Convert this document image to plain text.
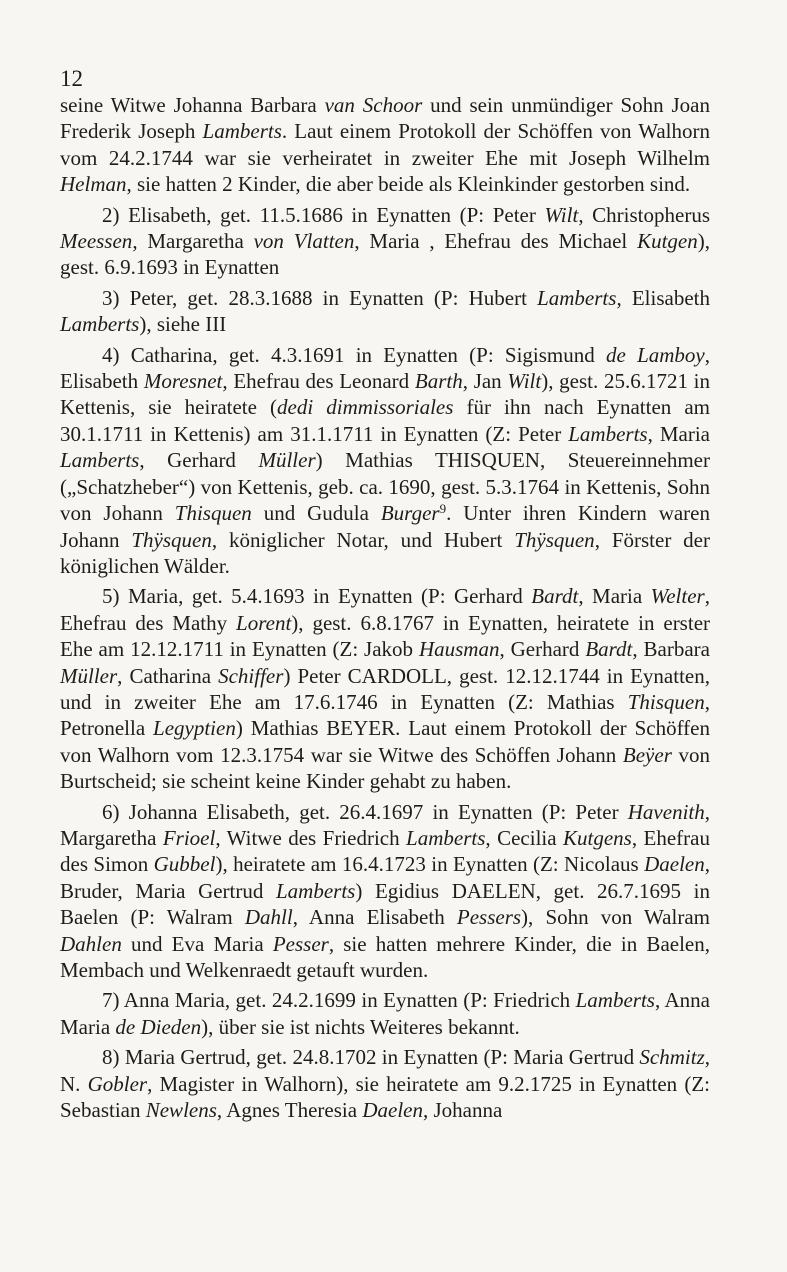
12

seine Witwe Johanna Barbara van Schoor und sein unmündiger Sohn Joan Frederik Joseph Lamberts. Laut einem Protokoll der Schöffen von Walhorn vom 24.2.1744 war sie verheiratet in zweiter Ehe mit Joseph Wilhelm Helman, sie hatten 2 Kinder, die aber beide als Kleinkinder gestorben sind.

2) Elisabeth, get. 11.5.1686 in Eynatten (P: Peter Wilt, Christopherus Meessen, Margaretha von Vlatten, Maria , Ehefrau des Michael Kutgen), gest. 6.9.1693 in Eynatten

3) Peter, get. 28.3.1688 in Eynatten (P: Hubert Lamberts, Elisabeth Lamberts), siehe III

4) Catharina, get. 4.3.1691 in Eynatten (P: Sigismund de Lamboy, Elisabeth Moresnet, Ehefrau des Leonard Barth, Jan Wilt), gest. 25.6.1721 in Kettenis, sie heiratete (dedi dimmissoriales für ihn nach Eynatten am 30.1.1711 in Kettenis) am 31.1.1711 in Eynatten (Z: Peter Lamberts, Maria Lamberts, Gerhard Müller) Mathias THISQUEN, Steuereinnehmer („Schatzheber“) von Kettenis, geb. ca. 1690, gest. 5.3.1764 in Kettenis, Sohn von Johann Thisquen und Gudula Burger$^9$. Unter ihren Kindern waren Johann Thÿsquen, königlicher Notar, und Hubert Thÿsquen, Förster der königlichen Wälder.

5) Maria, get. 5.4.1693 in Eynatten (P: Gerhard Bardt, Maria Welter, Ehefrau des Mathy Lorent), gest. 6.8.1767 in Eynatten, heiratete in erster Ehe am 12.12.1711 in Eynatten (Z: Jakob Hausman, Gerhard Bardt, Barbara Müller, Catharina Schiffer) Peter CARDOLL, gest. 12.12.1744 in Eynatten, und in zweiter Ehe am 17.6.1746 in Eynatten (Z: Mathias Thisquen, Petronella Legyptien) Mathias BEYER. Laut einem Protokoll der Schöffen von Walhorn vom 12.3.1754 war sie Witwe des Schöffen Johann Beÿer von Burtscheid; sie scheint keine Kinder gehabt zu haben.

6) Johanna Elisabeth, get. 26.4.1697 in Eynatten (P: Peter Havenith, Margaretha Frioel, Witwe des Friedrich Lamberts, Cecilia Kutgens, Ehefrau des Simon Gubbel), heiratete am 16.4.1723 in Eynatten (Z: Nicolaus Daelen, Bruder, Maria Gertrud Lamberts) Egidius DAELEN, get. 26.7.1695 in Baelen (P: Walram Dahll, Anna Elisabeth Pessers), Sohn von Walram Dahlen und Eva Maria Pesser, sie hatten mehrere Kinder, die in Baelen, Membach und Welkenraedt getauft wurden.

7) Anna Maria, get. 24.2.1699 in Eynatten (P: Friedrich Lamberts, Anna Maria de Dieden), über sie ist nichts Weiteres bekannt.

8) Maria Gertrud, get. 24.8.1702 in Eynatten (P: Maria Gertrud Schmitz, N. Gobler, Magister in Walhorn), sie heiratete am 9.2.1725 in Eynatten (Z: Sebastian Newlens, Agnes Theresia Daelen, Johanna
